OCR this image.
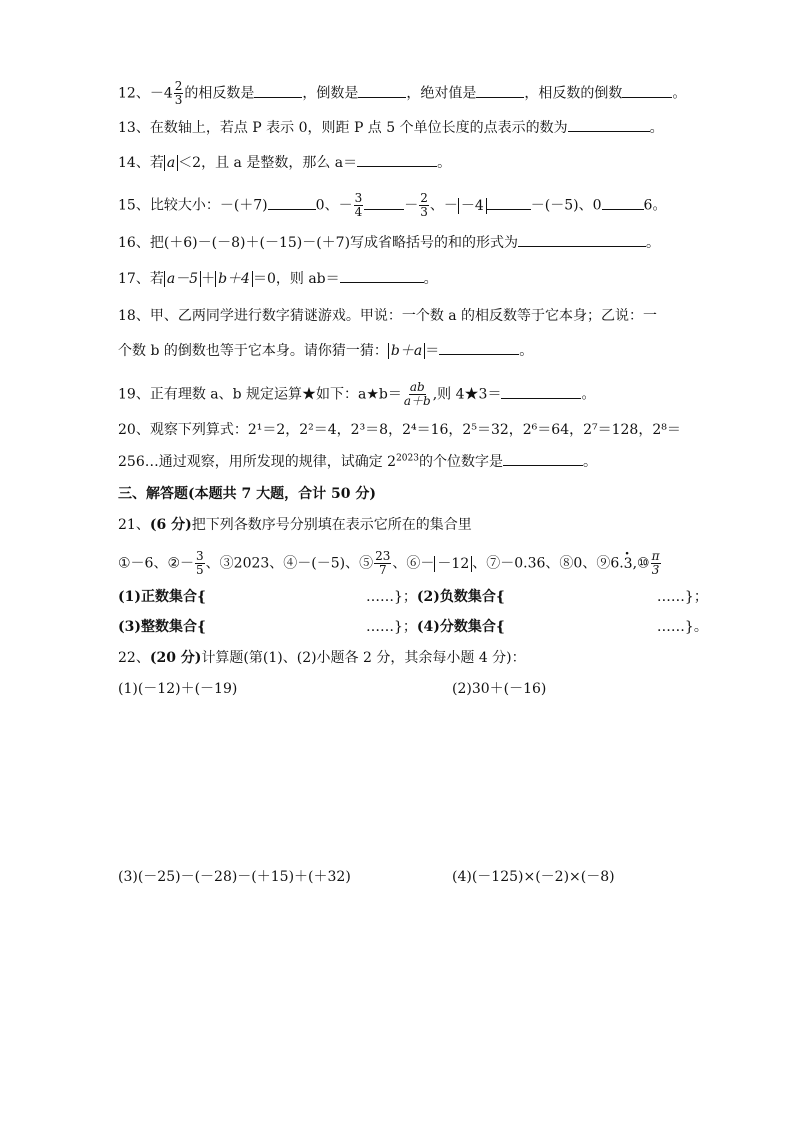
12、$-4 \frac{2}{3}$ 的相反数是	，倒数是	，绝对值是	，相反数的倒数	。
13、在数轴上，若点 P 表示 0，则距 P 点 5 个单位长度的点表示的数为	。
14、若 a ＜2，且 a 是整数，那么 a＝	。
15、比较大小：－(＋7)	0、－ $\frac{3}{4}$	－ $\frac{2}{3}$ 、－ －4	－(－5)、0	6。
16、把(＋6)－(－8)＋(－15)－(＋7)写成省略括号的和的形式为	。
17、若 a－5 ＋ b＋4 ＝0，则 ab＝	。
18、甲、乙两同学进行数字猜谜游戏。甲说：一个数 a 的相反数等于它本身；乙说：一
个数 b 的倒数也等于它本身。请你猜一猜： b＋a ＝	。
19、正有理数 a、b 规定运算★如下：a★b＝ $\frac{ab}{a+b}$ ,则 4★3＝	。
20、观察下列算式：2¹＝2，2²＝4，2³＝8，2⁴＝16，2⁵＝32，2⁶＝64，2⁷＝128，2⁸＝
256…通过观察，用所发现的规律，试确定 $2^{2023}$的个位数字是	。
三、解答题(本题共 7 大题，合计 50 分)
21、(6 分)把下列各数序号分别填在表示它所在的集合里
①－6、②－ $\frac{3}{5}$ 、③2023、④－(－5)、⑤ $\frac{23}{7}$ 、⑥－ －12 、⑦－0.36、⑧0、⑨6.· 3,⑩ $\frac{\pi}{3}$
(1)正数集合{	……}；(2)负数集合{	……}；
(3)整数集合{	……}；(4)分数集合{	……}。
22、(20 分)计算题(第(1)、(2)小题各 2 分，其余每小题 4 分)：
(1)(－12)＋(－19)	(2)30＋(－16)
(3)(－25)－(－28)－(＋15)＋(＋32)	(4)(－125)×(－2)×(－8)
